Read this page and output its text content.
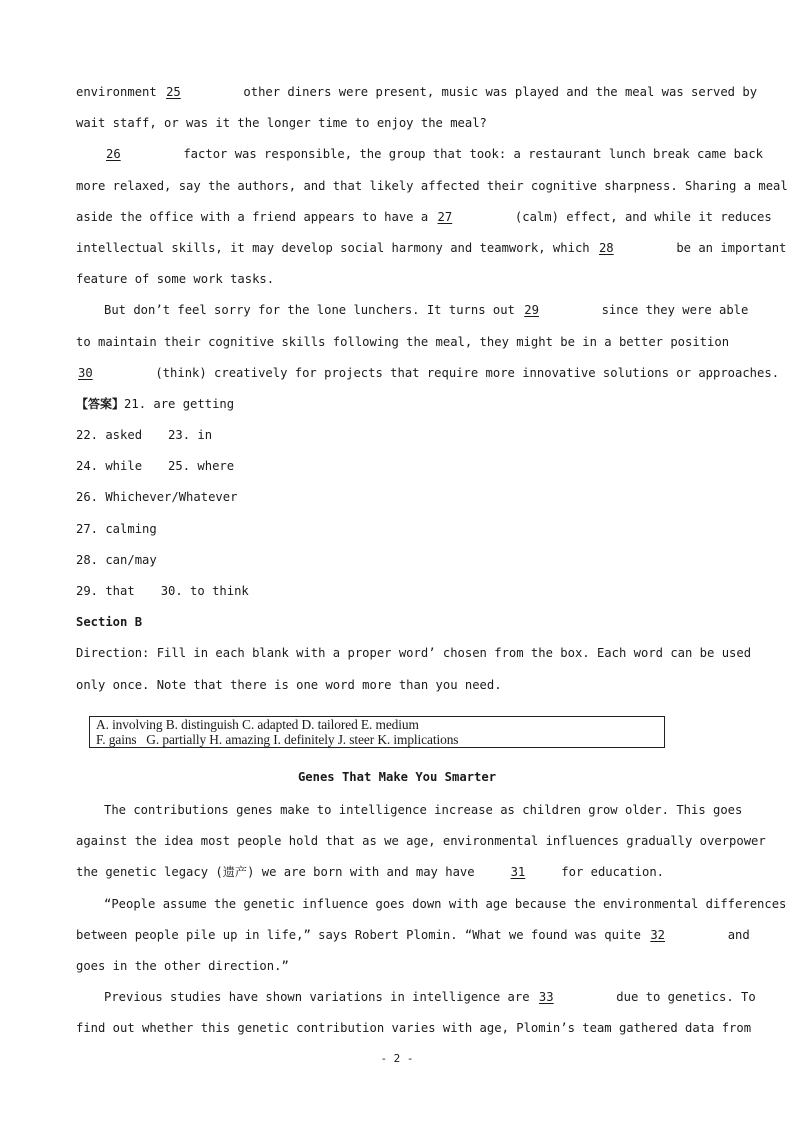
environment 25	other diners were present, music was played and the meal was served by
wait staff, or was it the longer time to enjoy the meal?
26	factor was responsible, the group that took: a restaurant lunch break came back
more relaxed, say the authors, and that likely affected their cognitive sharpness. Sharing a meal
aside the office with a friend appears to have a 27	(calm) effect, and while it reduces
intellectual skills, it may develop social harmony and teamwork, which 28	be an important
feature of some work tasks.
But don’t feel sorry for the lone lunchers. It turns out 29	since they were able
to maintain their cognitive skills following the meal, they might be in a better position
30	(think) creatively for projects that require more innovative solutions or approaches.
【答案】21. are getting
22. asked 23. in
24. while 25. where
26. Whichever/Whatever
27. calming
28. can/may
29. that 30. to think
Section B
Direction: Fill in each blank with a proper word’ chosen from the box. Each word can be used
only once. Note that there is one word more than you need.
A. involving B. distinguish C. adapted D. tailored E. medium
F. gains   G. partially H. amazing I. definitely J. steer K. implications
Genes That Make You Smarter
The contributions genes make to intelligence increase as children grow older. This goes
against the idea most people hold that as we age, environmental influences gradually overpower
the genetic legacy (遗产) we are born with and may have	31	for education.
“People assume the genetic influence goes down with age because the environmental differences
between people pile up in life,” says Robert Plomin. “What we found was quite 32	and
goes in the other direction.”
Previous studies have shown variations in intelligence are 33	due to genetics. To
find out whether this genetic contribution varies with age, Plomin’s team gathered data from
- 2 -
